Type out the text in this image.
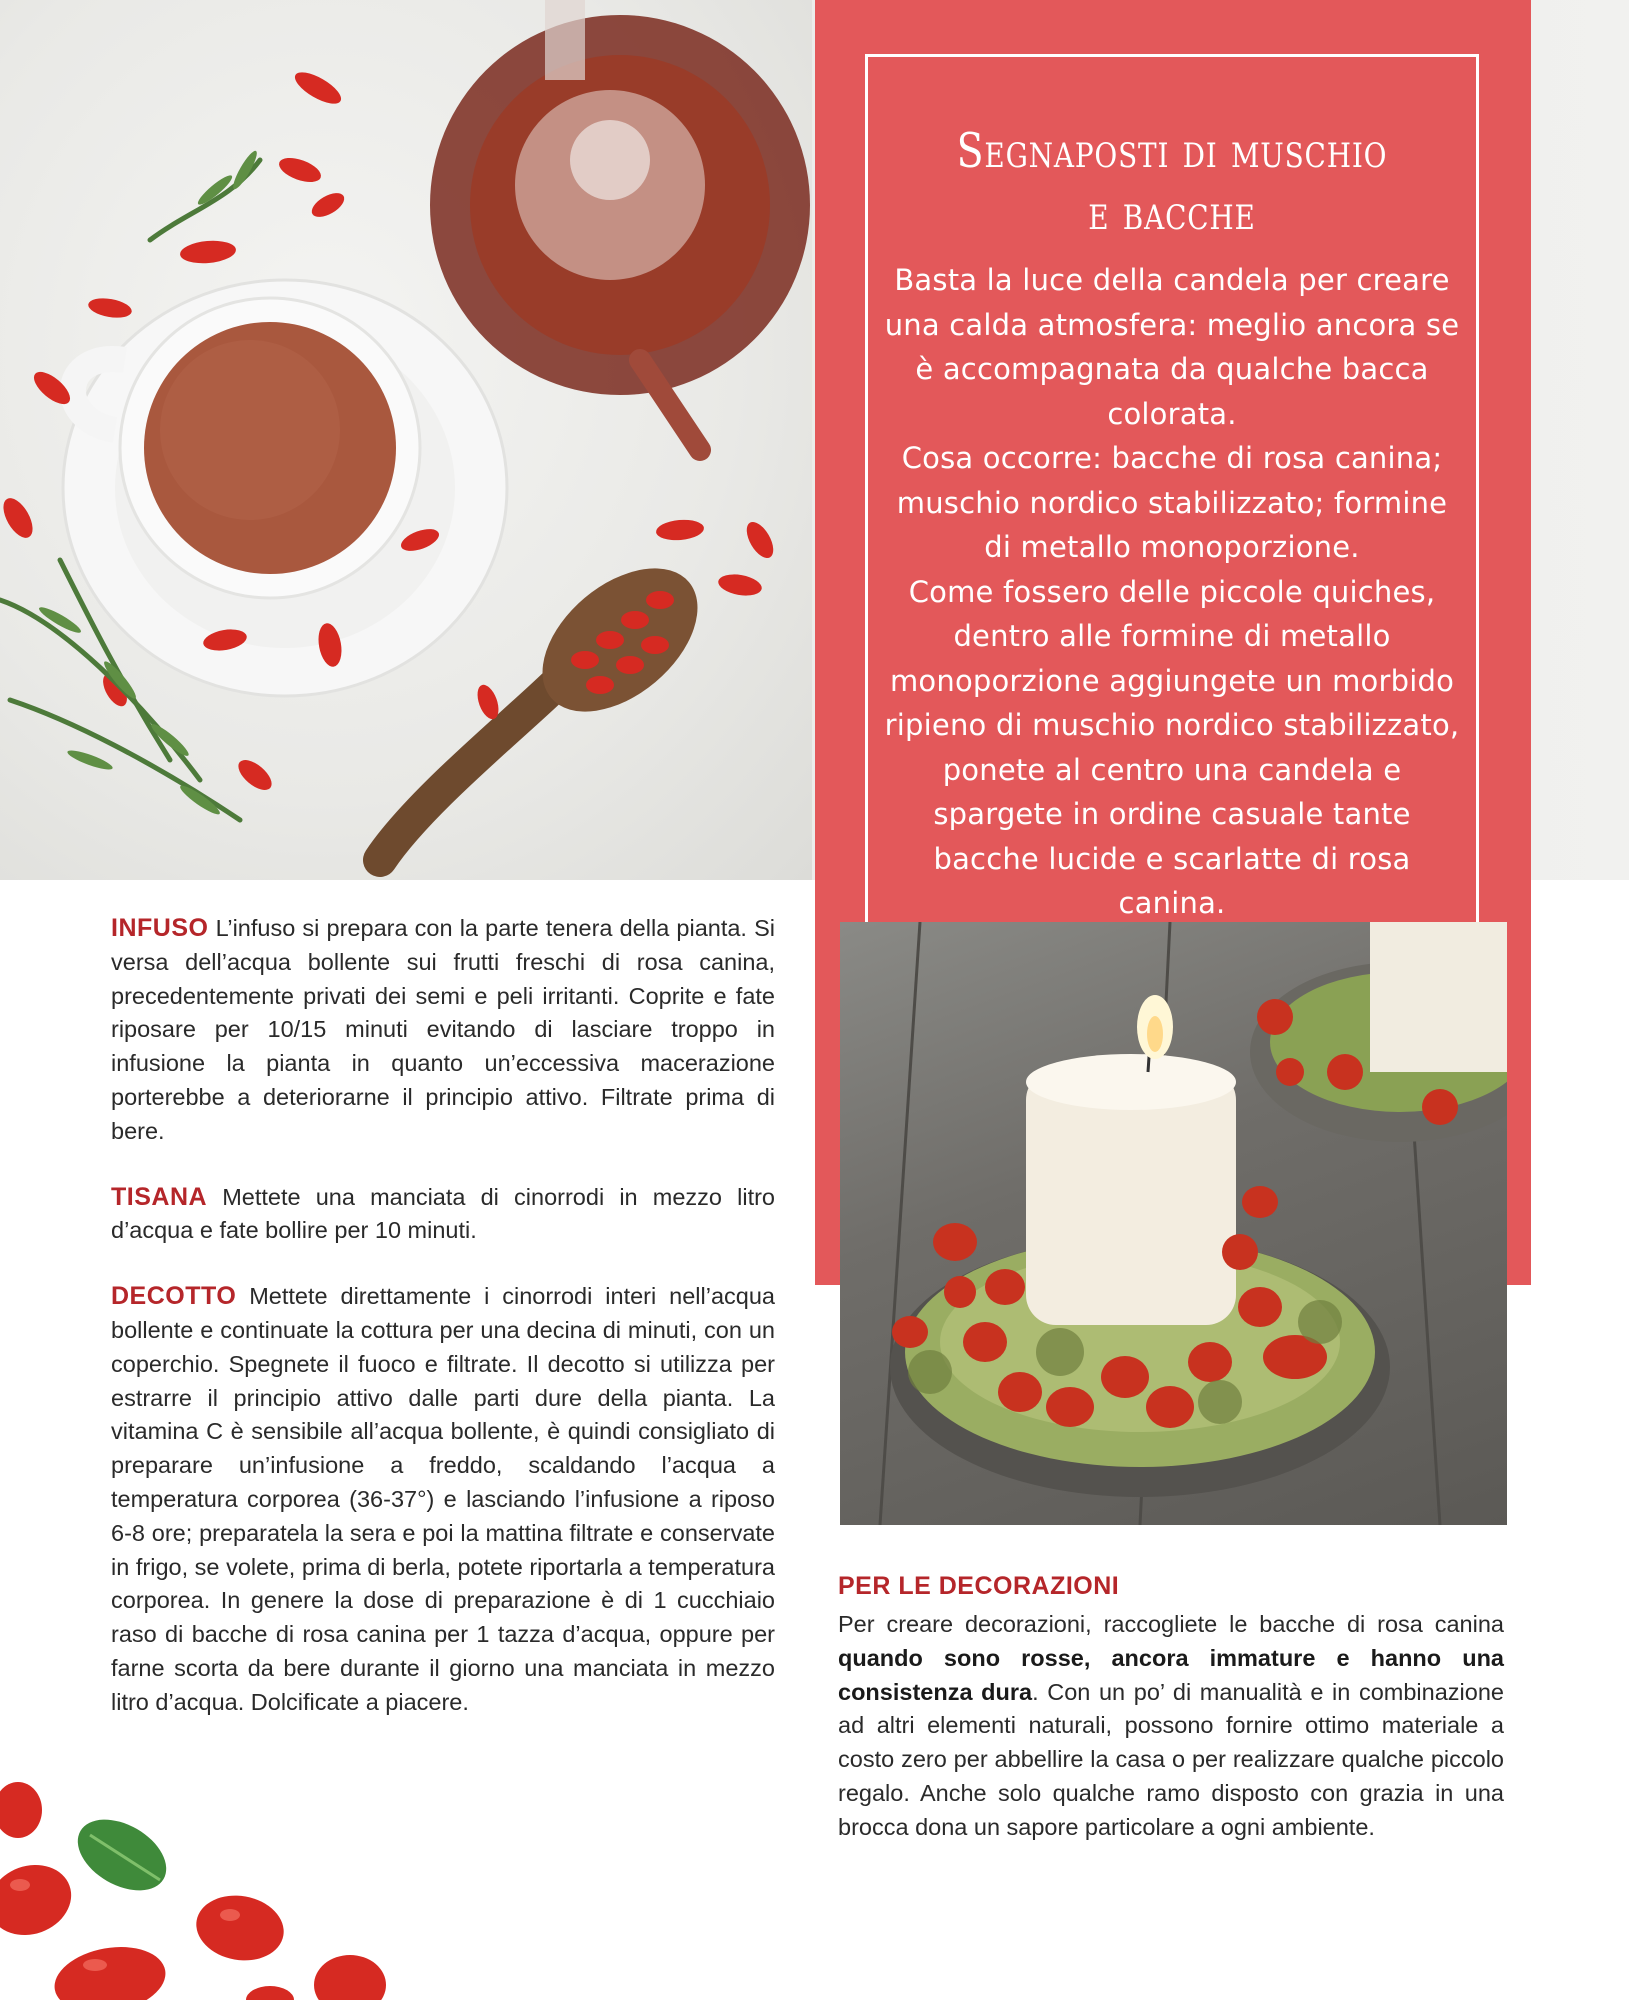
Segnaposti di muschio
e bacche

Basta la luce della candela per creare una calda atmosfera: meglio ancora se è accompagnata da qualche bacca colorata.

Cosa occorre: bacche di rosa canina; muschio nordico stabilizzato; formine di metallo monoporzione.

Come fossero delle piccole quiches, dentro alle formine di metallo monoporzione aggiungete un morbido ripieno di muschio nordico stabilizzato, ponete al centro una candela e spargete in ordine casuale tante bacche lucide e scarlatte di rosa canina.

INFUSO L’infuso si prepara con la parte tenera della pianta. Si versa dell’acqua bollente sui frutti freschi di rosa canina, precedentemente privati dei semi e peli irritanti. Coprite e fate riposare per 10/15 minuti evitando di lasciare troppo in infusione la pianta in quanto un’eccessiva macerazione porterebbe a deteriorarne il principio attivo. Filtrate prima di bere.

TISANA Mettete una manciata di cinorrodi in mezzo litro d’acqua e fate bollire per 10 minuti.

DECOTTO Mettete direttamente i cinorrodi interi nell’acqua bollente e continuate la cottura per una decina di minuti, con un coperchio. Spegnete il fuoco e filtrate. Il decotto si utilizza per estrarre il principio attivo dalle parti dure della pianta. La vitamina C è sensibile all’acqua bollente, è quindi consigliato di preparare un’infusione a freddo, scaldando l’acqua a temperatura corporea (36-37°) e lasciando l’infusione a riposo 6-8 ore; preparatela la sera e poi la mattina filtrate e conservate in frigo, se volete, prima di berla, potete riportarla a temperatura corporea. In genere la dose di preparazione è di 1 cucchiaio raso di bacche di rosa canina per 1 tazza d’acqua, oppure per farne scorta da bere durante il giorno una manciata in mezzo litro d’acqua. Dolcificate a piacere.

PER LE DECORAZIONI
Per creare decorazioni, raccogliete le bacche di rosa canina quando sono rosse, ancora immature e hanno una consistenza dura. Con un po’ di manualità e in combinazione ad altri elementi naturali, possono fornire ottimo materiale a costo zero per abbellire la casa o per realizzare qualche piccolo regalo. Anche solo qualche ramo disposto con grazia in una brocca dona un sapore particolare a ogni ambiente.
